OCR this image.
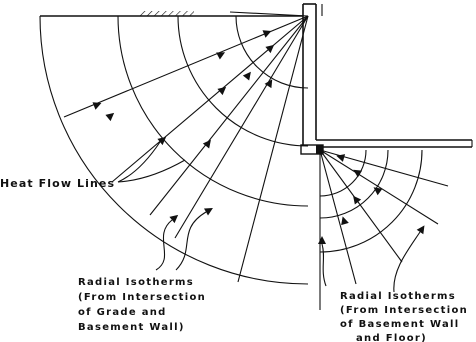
Heat Flow Lines
Radial Isotherms
(From Intersection
of Grade and
Basement Wall)
Radial Isotherms
(From Intersection
of Basement Wall
and Floor)
